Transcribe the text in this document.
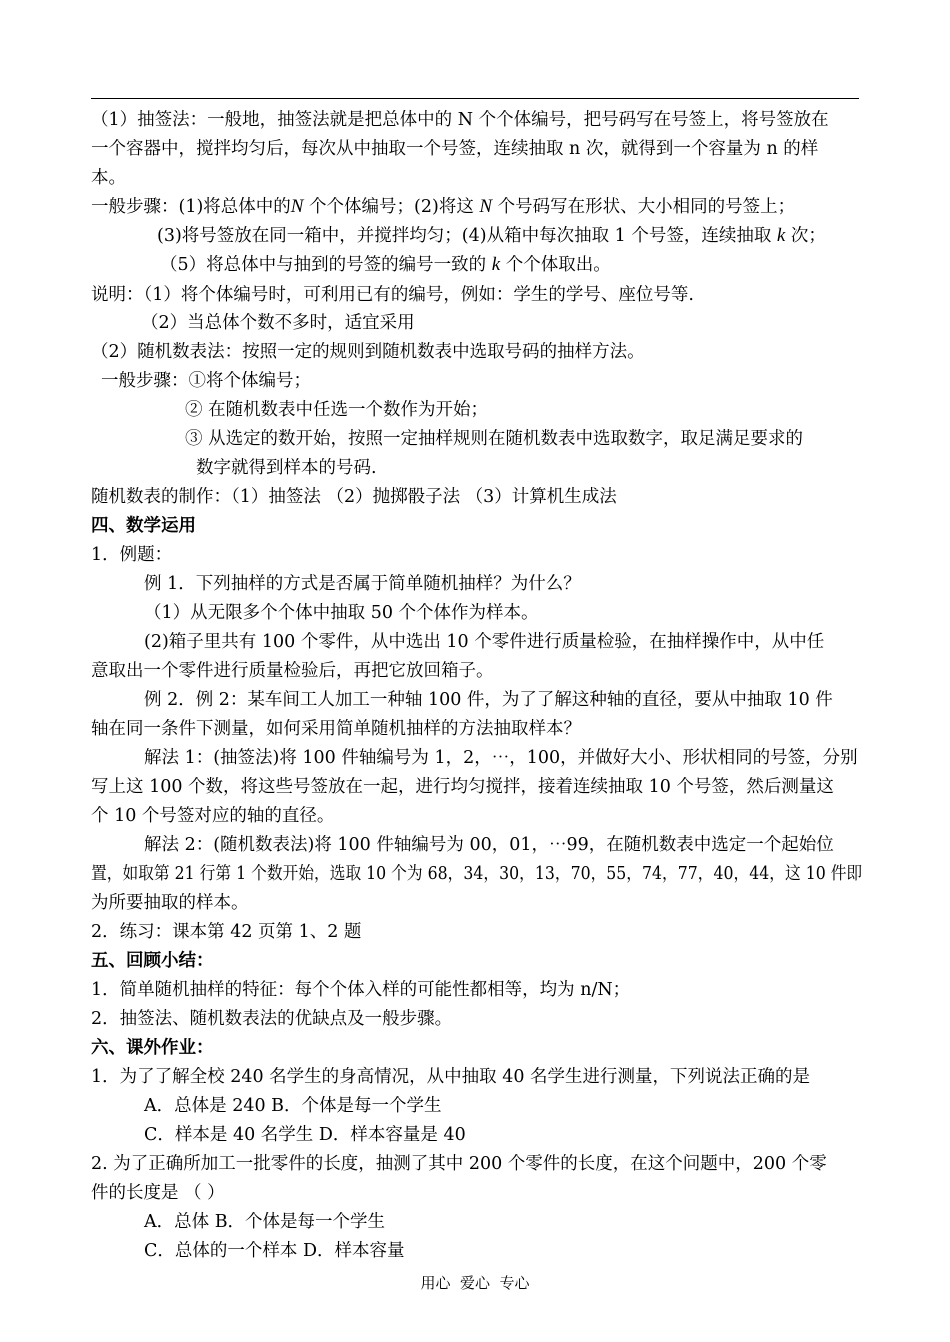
（1）抽签法：一般地，抽签法就是把总体中的 N 个个体编号，把号码写在号签上，将号签放在
一个容器中，搅拌均匀后，每次从中抽取一个号签，连续抽取 n 次，就得到一个容量为 n 的样
本。
一般步骤：(1)将总体中的N 个个体编号；(2)将这 N 个号码写在形状、大小相同的号签上；
(3)将号签放在同一箱中，并搅拌均匀；(4)从箱中每次抽取 1 个号签，连续抽取 k 次；
（5）将总体中与抽到的号签的编号一致的 k 个个体取出。
说明：（1）将个体编号时，可利用已有的编号，例如：学生的学号、座位号等.
（2）当总体个数不多时，适宜采用
（2）随机数表法：按照一定的规则到随机数表中选取号码的抽样方法。
一般步骤：①将个体编号；
② 在随机数表中任选一个数作为开始；
③ 从选定的数开始，按照一定抽样规则在随机数表中选取数字，取足满足要求的
数字就得到样本的号码.
随机数表的制作：（1）抽签法 （2）抛掷骰子法 （3）计算机生成法
四、数学运用
1．例题：
例 1．下列抽样的方式是否属于简单随机抽样？为什么？
（1）从无限多个个体中抽取 50 个个体作为样本。
(2)箱子里共有 100 个零件，从中选出 10 个零件进行质量检验，在抽样操作中，从中任
意取出一个零件进行质量检验后，再把它放回箱子。
例 2．例 2：某车间工人加工一种轴 100 件，为了了解这种轴的直径，要从中抽取 10 件
轴在同一条件下测量，如何采用简单随机抽样的方法抽取样本？
解法 1：(抽签法)将 100 件轴编号为 1，2，⋯，100，并做好大小、形状相同的号签，分别
写上这 100 个数，将这些号签放在一起，进行均匀搅拌，接着连续抽取 10 个号签，然后测量这
个 10 个号签对应的轴的直径。
解法 2：(随机数表法)将 100 件轴编号为 00，01，⋯99，在随机数表中选定一个起始位
置，如取第 21 行第 1 个数开始，选取 10 个为 68，34，30，13，70，55，74，77，40，44，这 10 件即
为所要抽取的样本。
2．练习：课本第 42 页第 1、2 题
五、回顾小结：
1．简单随机抽样的特征：每个个体入样的可能性都相等，均为 n/N；
2．抽签法、随机数表法的优缺点及一般步骤。
六、课外作业：
1．为了了解全校 240 名学生的身高情况，从中抽取 40 名学生进行测量，下列说法正确的是
A．总体是 240 B．个体是每一个学生
C．样本是 40 名学生 D．样本容量是 40
2. 为了正确所加工一批零件的长度，抽测了其中 200 个零件的长度，在这个问题中，200 个零
件的长度是 （ ）
A．总体 B．个体是每一个学生
C．总体的一个样本 D．样本容量
用心  爱心  专心
